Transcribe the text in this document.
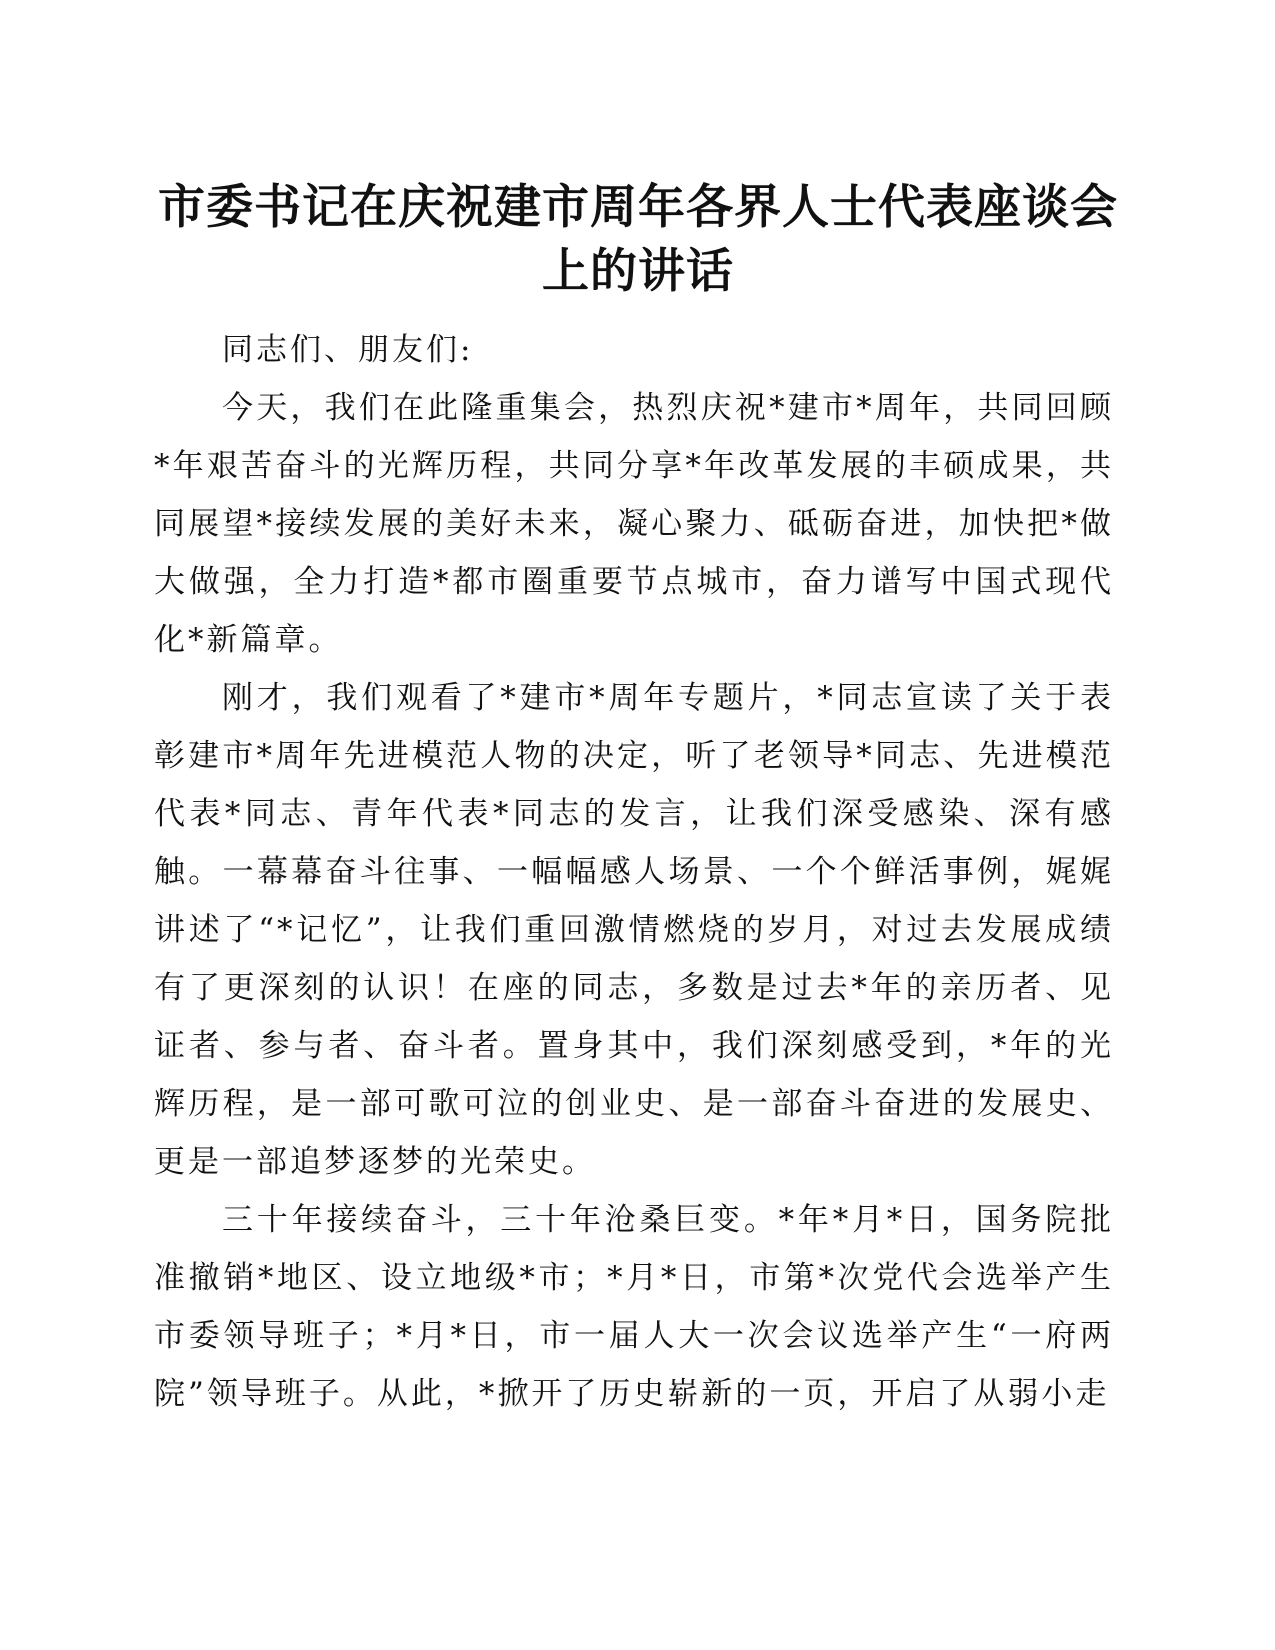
市委书记在庆祝建市周年各界人士代表座谈会
上的讲话

同志们、朋友们:

今天，我们在此隆重集会，热烈庆祝*建市*周年，共同回顾*年艰苦奋斗的光辉历程，共同分享*年改革发展的丰硕成果，共同展望*接续发展的美好未来，凝心聚力、砥砺奋进，加快把*做大做强，全力打造*都市圈重要节点城市，奋力谱写中国式现代化*新篇章。

刚才，我们观看了*建市*周年专题片，*同志宣读了关于表彰建市*周年先进模范人物的决定，听了老领导*同志、先进模范代表*同志、青年代表*同志的发言，让我们深受感染、深有感触。一幕幕奋斗往事、一幅幅感人场景、一个个鲜活事例，娓娓讲述了“*记忆”，让我们重回激情燃烧的岁月，对过去发展成绩有了更深刻的认识！在座的同志，多数是过去*年的亲历者、见证者、参与者、奋斗者。置身其中，我们深刻感受到，*年的光辉历程，是一部可歌可泣的创业史、是一部奋斗奋进的发展史、更是一部追梦逐梦的光荣史。

三十年接续奋斗，三十年沧桑巨变。*年*月*日，国务院批准撤销*地区、设立地级*市；*月*日，市第*次党代会选举产生市委领导班子；*月*日，市一届人大一次会议选举产生“一府两院”领导班子。从此，*掀开了历史崭新的一页，开启了从弱小走
